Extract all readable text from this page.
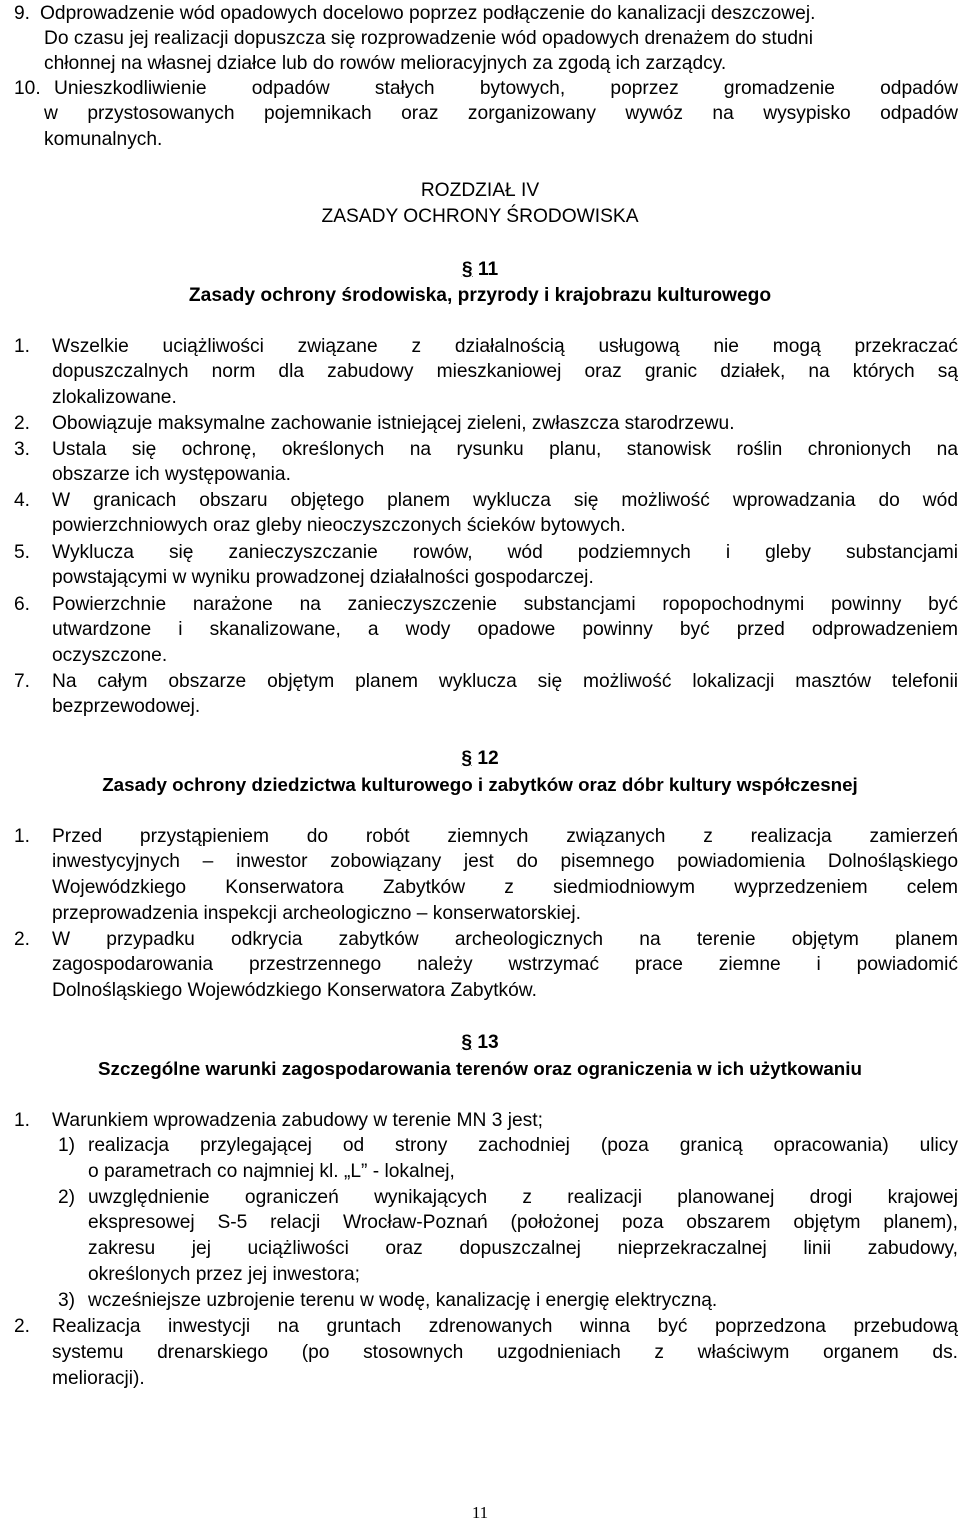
9. Odprowadzenie wód opadowych docelowo poprzez podłączenie do kanalizacji deszczowej.
Do czasu jej realizacji dopuszcza się rozprowadzenie wód opadowych drenażem do studni
chłonnej na własnej działce lub do rowów melioracyjnych za zgodą ich zarządcy.
10. Unieszkodliwienie odpadów stałych bytowych, poprzez gromadzenie odpadów
w przystosowanych pojemnikach oraz zorganizowany wywóz na wysypisko odpadów
komunalnych.
ROZDZIAŁ IV
ZASADY OCHRONY ŚRODOWISKA
§ 11
Zasady ochrony środowiska, przyrody i krajobrazu kulturowego
1. Wszelkie uciążliwości związane z działalnością usługową nie mogą przekraczać
dopuszczalnych norm dla zabudowy mieszkaniowej oraz granic działek, na których są
zlokalizowane.
2. Obowiązuje maksymalne zachowanie istniejącej zieleni, zwłaszcza starodrzewu.
3. Ustala się ochronę, określonych na rysunku planu, stanowisk roślin chronionych na
obszarze ich występowania.
4. W granicach obszaru objętego planem wyklucza się możliwość wprowadzania do wód
powierzchniowych oraz gleby nieoczyszczonych ścieków bytowych.
5. Wyklucza się zanieczyszczanie rowów, wód podziemnych i gleby substancjami
powstającymi w wyniku prowadzonej działalności gospodarczej.
6. Powierzchnie narażone na zanieczyszczenie substancjami ropopochodnymi powinny być
utwardzone i skanalizowane, a wody opadowe powinny być przed odprowadzeniem
oczyszczone.
7. Na całym obszarze objętym planem wyklucza się możliwość lokalizacji masztów telefonii
bezprzewodowej.
§ 12
Zasady ochrony dziedzictwa kulturowego i zabytków oraz dóbr kultury współczesnej
1. Przed przystąpieniem do robót ziemnych związanych z realizacja zamierzeń
inwestycyjnych – inwestor zobowiązany jest do pisemnego powiadomienia Dolnośląskiego
Wojewódzkiego Konserwatora Zabytków z siedmiodniowym wyprzedzeniem celem
przeprowadzenia inspekcji archeologiczno – konserwatorskiej.
2. W przypadku odkrycia zabytków archeologicznych na terenie objętym planem
zagospodarowania przestrzennego należy wstrzymać prace ziemne i powiadomić
Dolnośląskiego Wojewódzkiego Konserwatora Zabytków.
§ 13
Szczególne warunki zagospodarowania terenów oraz ograniczenia w ich użytkowaniu
1. Warunkiem wprowadzenia zabudowy w terenie MN 3 jest;
1) realizacja przylegającej od strony zachodniej (poza granicą opracowania) ulicy
o parametrach co najmniej kl. „L” - lokalnej,
2) uwzględnienie ograniczeń wynikających z realizacji planowanej drogi krajowej
ekspresowej S-5 relacji Wrocław-Poznań (położonej poza obszarem objętym planem),
zakresu jej uciążliwości oraz dopuszczalnej nieprzekraczalnej linii zabudowy,
określonych przez jej inwestora;
3) wcześniejsze uzbrojenie terenu w wodę, kanalizację i energię elektryczną.
2. Realizacja inwestycji na gruntach zdrenowanych winna być poprzedzona przebudową
systemu drenarskiego (po stosownych uzgodnieniach z właściwym organem ds.
melioracji).
11
